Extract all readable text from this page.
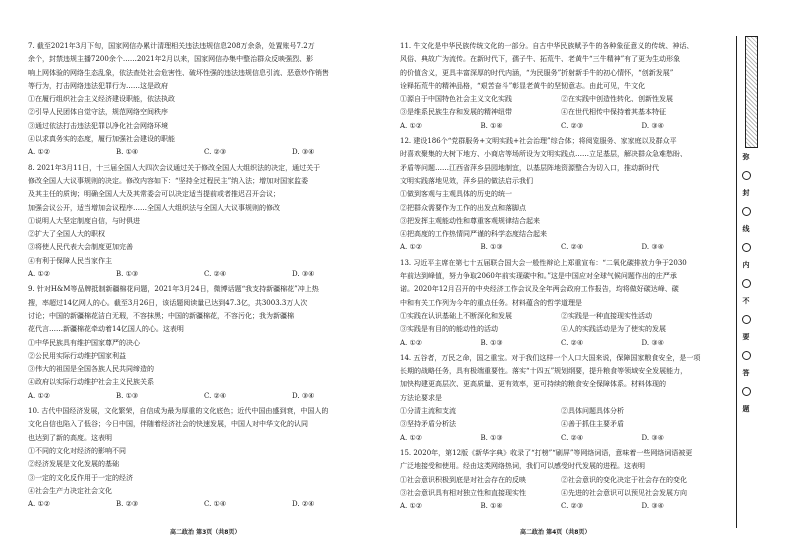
7. 截至2021年3月下旬，国家网信办累计清理相关违法违规信息208万余条，处置账号7.2万

余个，封禁违规主播7200余个……2021年2月以来，国家网信办集中整治群众反映强烈、影

响上网体验的网络生态乱象，依法查处社会危害性、破坏性强的违法违规信息引流、恶意炒作销售

等行为，打击网络违法犯罪行为……这是政府

①在履行组织社会主义经济建设职能，依法执政

②引导人民团体自觉守法，规范网络空间秩序

③通过依法打击违法犯罪以净化社会网络环境

④以求真务实的态度，履行加强社会建设的职能

A. ①②	B. ①④	C. ②③	D. ③④

8. 2021年3月11日，十三届全国人大四次会议通过关于修改全国人大组织法的决定，通过关于

修改全国人大议事规则的决定。修改内容如下：“坚持全过程民主”纳入法；增加对国家监委

及其主任的质询；明确全国人大及其常委会可以决定适当提前或者推迟召开会议；

加强会议公开，适当增加会议程序……全国人大组织法与全国人大议事规则的修改

①说明人大坚定制度自信，与时俱进

②扩大了全国人大的职权

③将使人民代表大会制度更加完善

④有利于保障人民当家作主

A. ①②	B. ①③	C. ②④	D. ③④

9. 针对H&M等品牌抵制新疆棉花问题，2021年3月24日，微博话题“我支持新疆棉花”冲上热

搜，率超过14亿网人的心。截至3月26日，该话题阅读量已达到47.3亿，共3003.3万人次

讨论；中国的新疆棉花洁白无瑕，不容抹黑；中国的新疆棉花，不容污化；我为新疆棉

花代言……新疆棉花牵动着14亿国人的心。这表明

①中华民族具有维护国家尊严的决心

②公民用实际行动维护国家利益

③伟大的祖国是全国各族人民共同缔造的

④政府以实际行动维护社会主义民族关系

A. ①②	B. ①③	C. ②④	D. ③④

10. 古代中国经济发展，文化繁荣，自信成为最为厚重的文化底色；近代中国由盛到衰，中国人的

文化自信也陷入了低谷；今日中国，伴随着经济社会的快速发展，中国人对中华文化的认同

也达到了新的高度。这表明

①不同的文化对经济的影响不同

②经济发展是文化发展的基础

③一定的文化反作用于一定的经济

④社会生产力决定社会文化

A. ①②	B. ②③	C. ①④	D. ②④

11. 牛文化是中华民族传统文化的一部分。自古中华民族赋予牛的各种象征意义的传统、神话、

风俗、典故广为流传。在新时代下，孺子牛、拓荒牛、老黄牛“三牛精神”有了更为生动形象

的价值含义，更具丰富深厚的时代内涵，“为民服务”折射新手牛的初心情怀，“创新发展”

诠释拓荒牛的精神品格，“艰苦奋斗”彰显老黄牛的坚韧意志。由此可见，牛文化

①源自于中国特色社会主义文化实践	②在实践中创造性转化、创新性发展
③是维系民族生存和发展的精神纽带	④在世代相传中保持着其基本特征
A. ①②	B. ①④	C. ②③	D. ③④

12. 建设186个“党群服务+文明实践+社会治理”综合体；将阅览服务、家家庭以及群众平

时喜欢聚集的大树下地方、小商店等场所设为文明实践点……立足基层，解决群众急难愁盼、

矛盾等问题……江西省萍乡县园地制宜，以基层阵地资源整合为切入口，推动新时代

文明实践落地见效，萍乡县的做法启示我们

①做到客观与主观具体的历史的统一

②把群众需要作为工作的出发点和落脚点

③把发挥主观能动性和尊重客观规律结合起来

④把高度的工作热情同严谨的科学态度结合起来

A. ①②	B. ①③	C. ②④	D. ③④

13. 习近平主席在第七十五届联合国大会一般性辩论上郑重宣布：“二氧化碳排放力争于2030

年前达到峰值，努力争取2060年前实现碳中和。”这是中国应对全球气候问题作出的庄严承

诺。2020年12月召开的中央经济工作会议及全年两会政府工作报告，均将做好碳达峰、碳

中和有关工作列为今年的重点任务。材料蕴含的哲学道理是

①实践在认识基础上不断深化和发展	②实践是一种直接现实性活动
③实践是有目的的能动性的活动	④人的实践活动是为了使实的发展
A. ①②	B. ①③	C. ②④	D. ③④

14. 五谷者，万民之命，国之重宝。对于我们这样一个人口大国来说，保障国家粮食安全，是一项

长期的战略任务，具有极端重要性。落实“十四五”规划纲要，提升粮食等领域安全发展能力，

加快构建更高层次、更高质量、更有效率，更可持续的粮食安全保障体系。材料体现的

方法论要求是

①分清主流和支流	②具体问题具体分析
③坚持矛盾分析法	④善于抓住主要矛盾
A. ①②	B. ①③	C. ②④	D. ③④

15. 2020年，第12版《新华字典》收录了“打榜”“刷屏”等网络词语，意味着一些网络词语被更

广泛地接受和使用。经由这类网络热词，我们可以感受时代发展的进程。这表明

①社会意识积极到底是对社会存在的反映	②社会意识的变化决定于社会存在的变化
③社会意识具有相对独立性和直接现实性	④先进的社会意识可以预见社会发展方向
A. ①②	B. ①④	C. ②③	D. ③④
高二政治 第3页（共8页）	高二政治 第4页（共8页）
弥
封
线
内
不
要
答
题
